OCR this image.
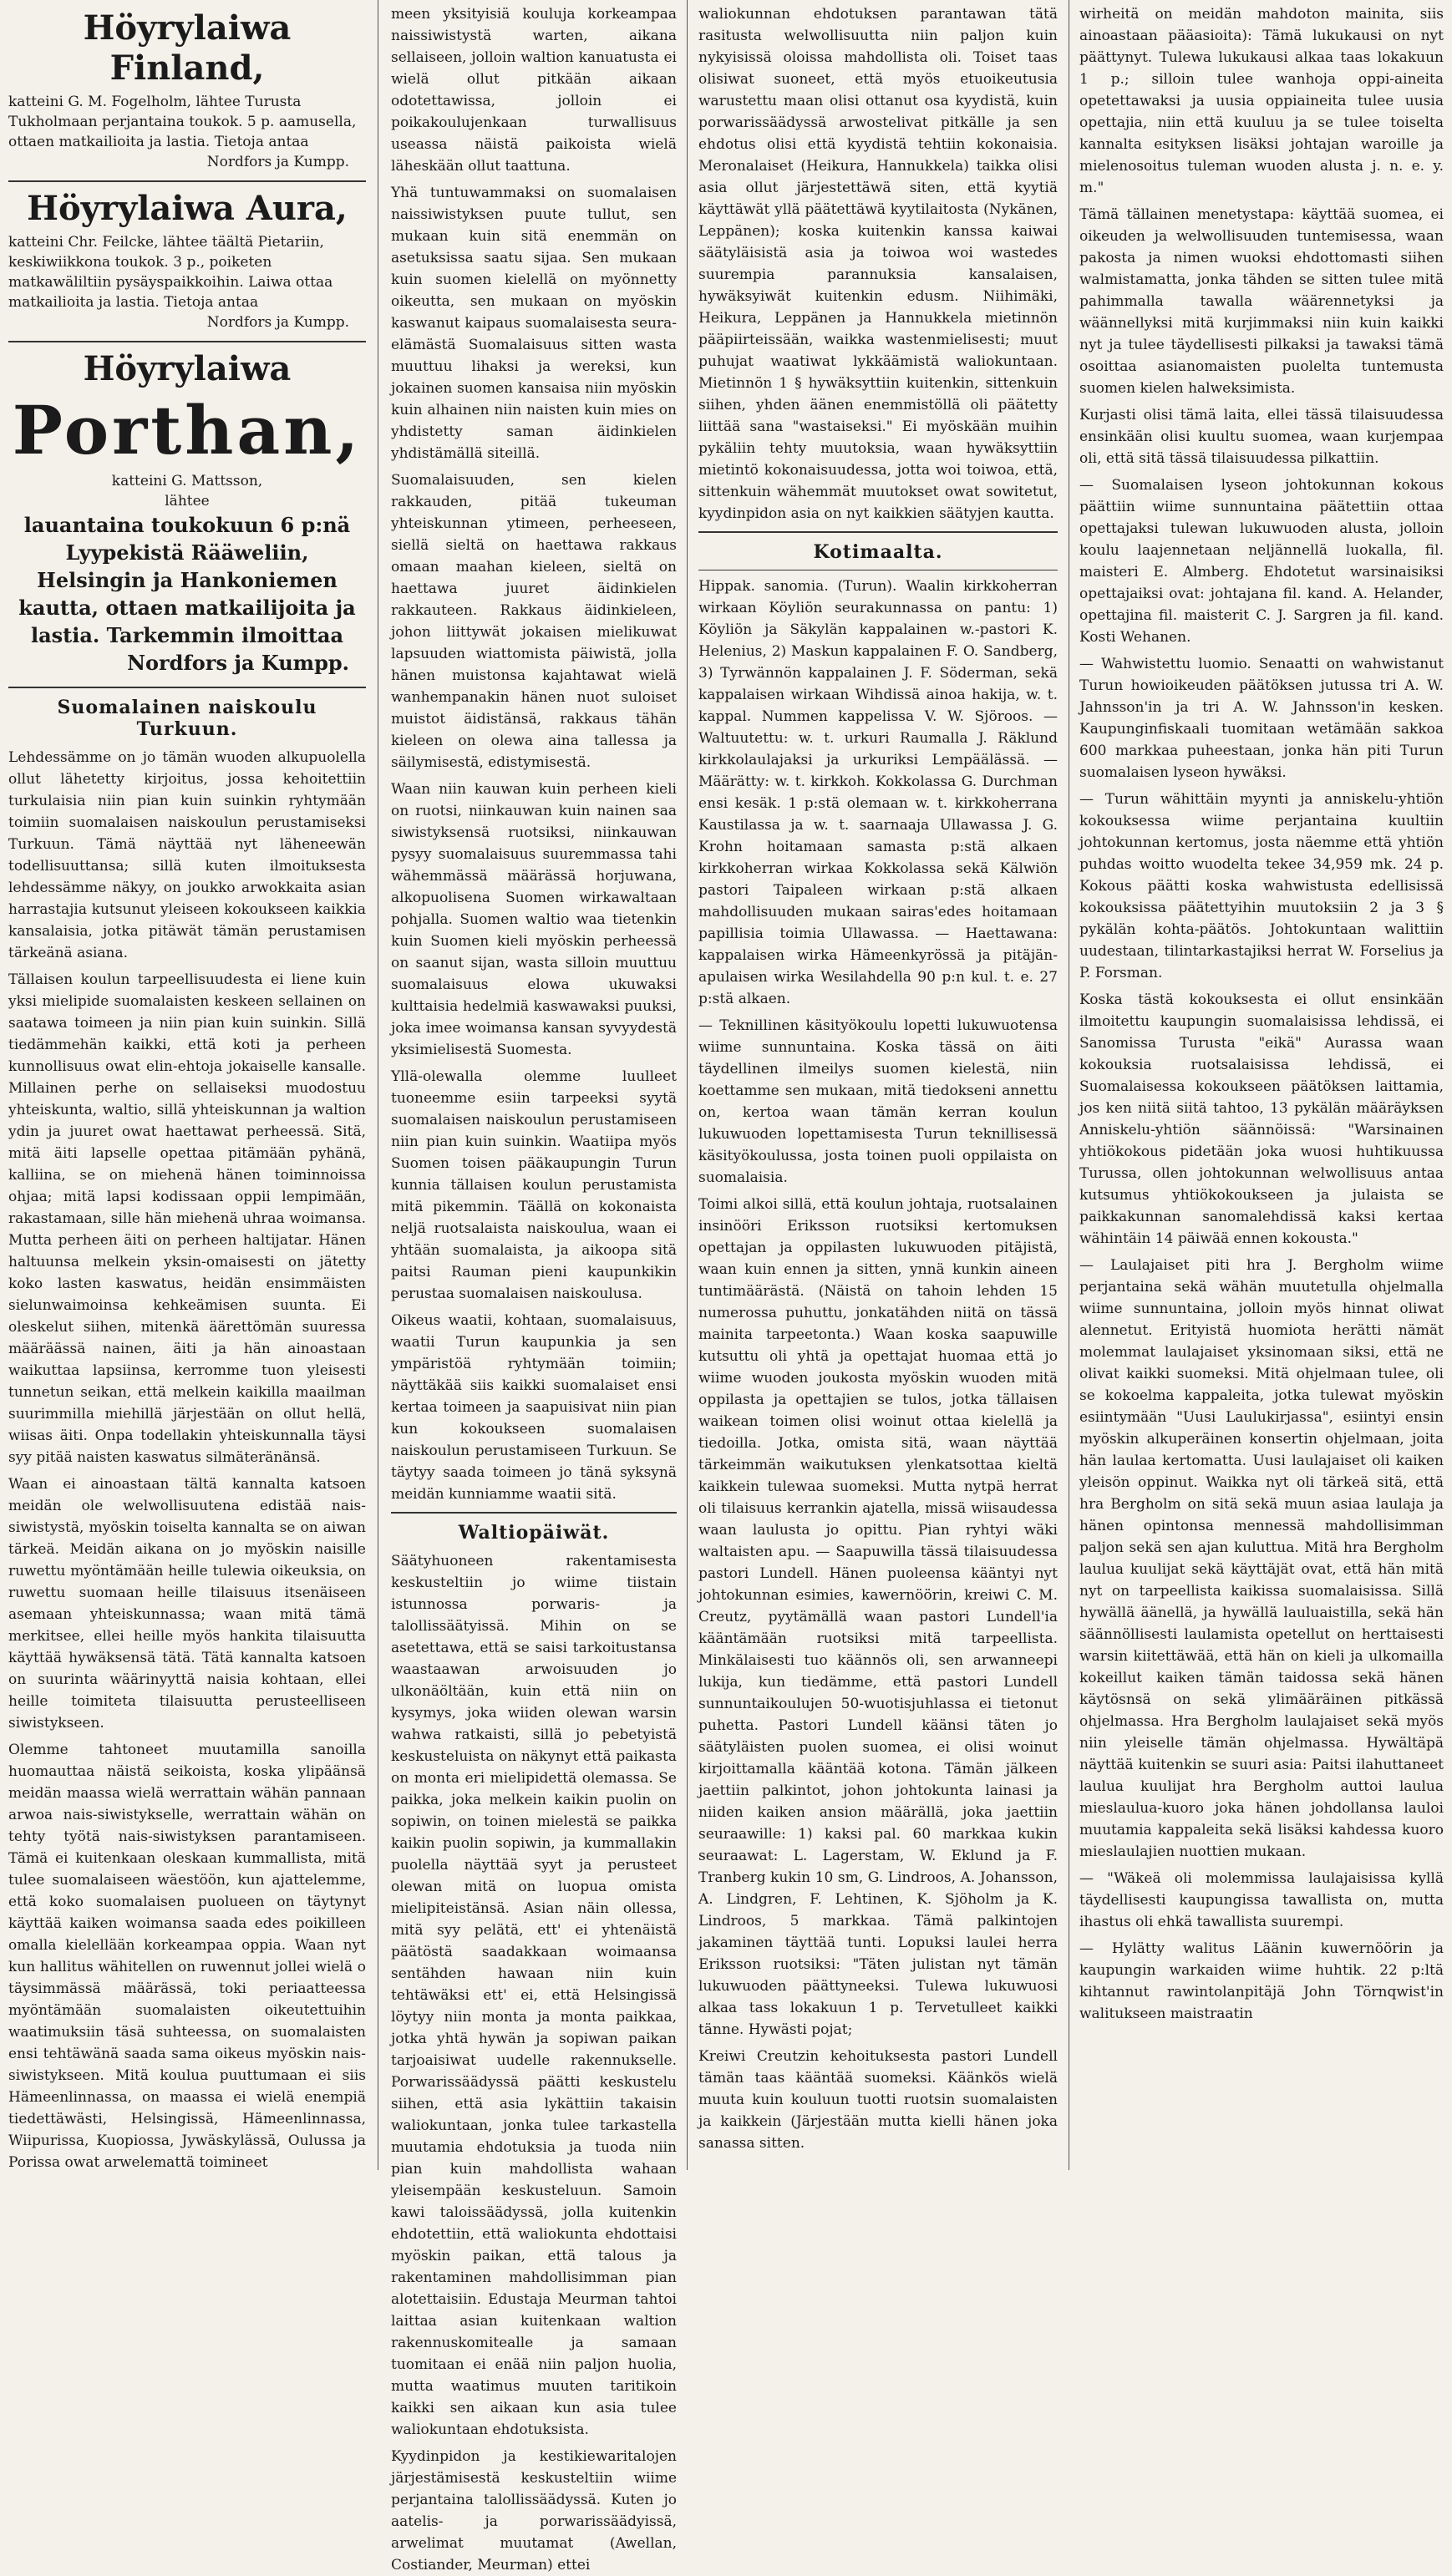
Höyrylaiwa Finland,
katteini G. M. Fogelholm, lähtee Turusta Tukholmaan perjantaina toukok. 5 p. aamusella, ottaen matkailioita ja lastia. Tietoja antaa
Nordfors ja Kumpp.
Höyrylaiwa Aura,
katteini Chr. Feilcke, lähtee täältä Pietariin, keskiwiikkona toukok. 3 p., poiketen matkawäliltiin pysäyspaikkoihin. Laiwa ottaa matkailioita ja lastia. Tietoja antaa
Nordfors ja Kumpp.
Höyrylaiwa
Porthan,
katteini G. Mattsson,
lähtee
lauantaina toukokuun 6 p:nä Lyypekistä Rääweliin, Helsingin ja Hankoniemen kautta, ottaen matkailijoita ja lastia. Tarkemmin ilmoittaa
Nordfors ja Kumpp.
Suomalainen naiskoulu Turkuun.

Lehdessämme on jo tämän wuoden alkupuolella ollut lähetetty kirjoitus, jossa kehoitettiin turkulaisia niin pian kuin suinkin ryhtymään toimiin suomalaisen naiskoulun perustamiseksi Turkuun. Tämä näyttää nyt läheneewän todellisuuttansa; sillä kuten ilmoituksesta lehdessämme näkyy, on joukko arwokkaita asian harrastajia kutsunut yleiseen kokoukseen kaikkia kansalaisia, jotka pitäwät tämän perustamisen tärkeänä asiana.

Tällaisen koulun tarpeellisuudesta ei liene kuin yksi mielipide suomalaisten keskeen sellainen on saatawa toimeen ja niin pian kuin suinkin. Sillä tiedämmehän kaikki, että koti ja perheen kunnollisuus owat elin-ehtoja jokaiselle kansalle. Millainen perhe on sellaiseksi muodostuu yhteiskunta, waltio, sillä yhteiskunnan ja waltion ydin ja juuret owat haettawat perheessä. Sitä, mitä äiti lapselle opettaa pitämään pyhänä, kalliina, se on miehenä hänen toiminnoissa ohjaa; mitä lapsi kodissaan oppii lempimään, rakastamaan, sille hän miehenä uhraa woimansa. Mutta perheen äiti on perheen haltijatar. Hänen haltuunsa melkein yksin-omaisesti on jätetty koko lasten kaswatus, heidän ensimmäisten sielunwaimoinsa kehkeämisen suunta. Ei oleskelut siihen, mitenkä äärettömän suuressa määräässä nainen, äiti ja hän ainoastaan waikuttaa lapsiinsa, kerromme tuon yleisesti tunnetun seikan, että melkein kaikilla maailman suurimmilla miehillä järjestään on ollut hellä, wiisas äiti. Onpa todellakin yhteiskunnalla täysi syy pitää naisten kaswatus silmäteränänsä.

Waan ei ainoastaan tältä kannalta katsoen meidän ole welwollisuutena edistää nais-siwistystä, myöskin toiselta kannalta se on aiwan tärkeä. Meidän aikana on jo myöskin naisille ruwettu myöntämään heille tulewia oikeuksia, on ruwettu suomaan heille tilaisuus itsenäiseen asemaan yhteiskunnassa; waan mitä tämä merkitsee, ellei heille myös hankita tilaisuutta käyttää hywäksensä tätä. Tätä kannalta katsoen on suurinta wäärinyyttä naisia kohtaan, ellei heille toimiteta tilaisuutta perusteelliseen siwistykseen.

Olemme tahtoneet muutamilla sanoilla huomauttaa näistä seikoista, koska ylipäänsä meidän maassa wielä werrattain wähän pannaan arwoa nais-siwistykselle, werrattain wähän on tehty työtä nais-siwistyksen parantamiseen. Tämä ei kuitenkaan oleskaan kummallista, mitä tulee suomalaiseen wäestöön, kun ajattelemme, että koko suomalaisen puolueen on täytynyt käyttää kaiken woimansa saada edes poikilleen omalla kielellään korkeampaa oppia. Waan nyt kun hallitus wähitellen on ruwennut jollei wielä o täysimmässä määrässä, toki periaatteessa myöntämään suomalaisten oikeutettuihin waatimuksiin täsä suhteessa, on suomalaisten ensi tehtäwänä saada sama oikeus myöskin nais-siwistykseen. Mitä koulua puuttumaan ei siis Hämeenlinnassa, on maassa ei wielä enempiä tiedettäwästi, Helsingissä, Hämeenlinnassa, Wiipurissa, Kuopiossa, Jywäskylässä, Oulussa ja Porissa owat arwelemattä toimineet

meen yksityisiä kouluja korkeampaa naissiwistystä warten, aikana sellaiseen, jolloin waltion kanuatusta ei wielä ollut pitkään aikaan odotettawissa, jolloin ei poikakoulujenkaan turwallisuus useassa näistä paikoista wielä läheskään ollut taattuna.

Yhä tuntuwammaksi on suomalaisen naissiwistyksen puute tullut, sen mukaan kuin sitä enemmän on asetuksissa saatu sijaa. Sen mukaan kuin suomen kielellä on myönnetty oikeutta, sen mukaan on myöskin kaswanut kaipaus suomalaisesta seura-elämästä Suomalaisuus sitten wasta muuttuu lihaksi ja wereksi, kun jokainen suomen kansaisa niin myöskin kuin alhainen niin naisten kuin mies on yhdistetty saman äidinkielen yhdistämällä siteillä.

Suomalaisuuden, sen kielen rakkauden, pitää tukeuman yhteiskunnan ytimeen, perheeseen, siellä sieltä on haettawa rakkaus omaan maahan kieleen, sieltä on haettawa juuret äidinkielen rakkauteen. Rakkaus äidinkieleen, johon liittywät jokaisen mielikuwat lapsuuden wiattomista päiwistä, jolla hänen muistonsa kajahtawat wielä wanhempanakin hänen nuot suloiset muistot äidistänsä, rakkaus tähän kieleen on olewa aina tallessa ja säilymisestä, edistymisestä.

Waan niin kauwan kuin perheen kieli on ruotsi, niinkauwan kuin nainen saa siwistyksensä ruotsiksi, niinkauwan pysyy suomalaisuus suuremmassa tahi wähemmässä määrässä horjuwana, alkopuolisena Suomen wirkawaltaan pohjalla. Suomen waltio waa tietenkin kuin Suomen kieli myöskin perheessä on saanut sijan, wasta silloin muuttuu suomalaisuus elowa ukuwaksi kulttaisia hedelmiä kaswawaksi puuksi, joka imee woimansa kansan syvyydestä yksimielisestä Suomesta.

Yllä-olewalla olemme luulleet tuoneemme esiin tarpeeksi syytä suomalaisen naiskoulun perustamiseen niin pian kuin suinkin. Waatiipa myös Suomen toisen pääkaupungin Turun kunnia tällaisen koulun perustamista mitä pikemmin. Täällä on kokonaista neljä ruotsalaista naiskoulua, waan ei yhtään suomalaista, ja aikoopa sitä paitsi Rauman pieni kaupunkikin perustaa suomalaisen naiskoulusa.

Oikeus waatii, kohtaan, suomalaisuus, waatii Turun kaupunkia ja sen ympäristöä ryhtymään toimiin; näyttäkää siis kaikki suomalaiset ensi kertaa toimeen ja saapuisivat niin pian kun kokoukseen suomalaisen naiskoulun perustamiseen Turkuun. Se täytyy saada toimeen jo tänä syksynä meidän kunniamme waatii sitä.

Waltiopäiwät.

Säätyhuoneen rakentamisesta keskusteltiin jo wiime tiistain istunnossa porwaris- ja talollissäätyissä. Mihin on se asetettawa, että se saisi tarkoitustansa waastaawan arwoisuuden jo ulkonäöltään, kuin että niin on kysymys, joka wiiden olewan warsin wahwa ratkaisti, sillä jo pebetyistä keskusteluista on näkynyt että paikasta on monta eri mielipidettä olemassa. Se paikka, joka melkein kaikin puolin on sopiwin, on toinen mielestä se paikka kaikin puolin sopiwin, ja kummallakin puolella näyttää syyt ja perusteet olewan mitä on luopua omista mielipiteistänsä. Asian näin ollessa, mitä syy pelätä, ett' ei yhtenäistä päätöstä saadakkaan woimaansa sentähden hawaan niin kuin tehtäwäksi ett' ei, että Helsingissä löytyy niin monta ja monta paikkaa, jotka yhtä hywän ja sopiwan paikan tarjoaisiwat uudelle rakennukselle. Porwarissäädyssä päätti keskustelu siihen, että asia lykättiin takaisin waliokuntaan, jonka tulee tarkastella muutamia ehdotuksia ja tuoda niin pian kuin mahdollista wahaan yleisempään keskusteluun. Samoin kawi taloissäädyssä, jolla kuitenkin ehdotettiin, että waliokunta ehdottaisi myöskin paikan, että talous ja rakentaminen mahdollisimman pian alotettaisiin. Edustaja Meurman tahtoi laittaa asian kuitenkaan waltion rakennuskomitealle ja samaan tuomitaan ei enää niin paljon huolia, mutta waatimus muuten taritikoin kaikki sen aikaan kun asia tulee waliokuntaan ehdotuksista.

Kyydinpidon ja kestikiewaritalojen järjestämisestä keskusteltiin wiime perjantaina talollissäädyssä. Kuten jo aatelis- ja porwarissäädyissä, arwelimat muutamat (Awellan, Costiander, Meurman) ettei

waliokunnan ehdotuksen parantawan tätä rasitusta welwollisuutta niin paljon kuin nykyisissä oloissa mahdollista oli. Toiset taas olisiwat suoneet, että myös etuoikeutusia warustettu maan olisi ottanut osa kyydistä, kuin porwarissäädyssä arwostelivat pitkälle ja sen ehdotus olisi että kyydistä tehtiin kokonaisia. Meronalaiset (Heikura, Hannukkela) taikka olisi asia ollut järjestettäwä siten, että kyytiä käyttäwät yllä päätettäwä kyytilaitosta (Nykänen, Leppänen); koska kuitenkin kanssa kaiwai säätyläisistä asia ja toiwoa woi wastedes suurempia parannuksia kansalaisen, hywäksyiwät kuitenkin edusm. Niihimäki, Heikura, Leppänen ja Hannukkela mietinnön pääpiirteissään, waikka wastenmielisesti; muut puhujat waatiwat lykkäämistä waliokuntaan. Mietinnön 1 § hywäksyttiin kuitenkin, sittenkuin siihen, yhden äänen enemmistöllä oli päätetty liittää sana "wastaiseksi." Ei myöskään muihin pykäliin tehty muutoksia, waan hywäksyttiin mietintö kokonaisuudessa, jotta woi toiwoa, että, sittenkuin wähemmät muutokset owat sowitetut, kyydinpidon asia on nyt kaikkien säätyjen kautta.

Kotimaalta.

Hippak. sanomia. (Turun). Waalin kirkkoherran wirkaan Köyliön seurakunnassa on pantu: 1) Köyliön ja Säkylän kappalainen w.-pastori K. Helenius, 2) Maskun kappalainen F. O. Sandberg, 3) Tyrwännön kappalainen J. F. Söderman, sekä kappalaisen wirkaan Wihdissä ainoa hakija, w. t. kappal. Nummen kappelissa V. W. Sjöroos. — Waltuutettu: w. t. urkuri Raumalla J. Räklund kirkkolaulajaksi ja urkuriksi Lempäälässä. — Määrätty: w. t. kirkkoh. Kokkolassa G. Durchman ensi kesäk. 1 p:stä olemaan w. t. kirkkoherrana Kaustilassa ja w. t. saarnaaja Ullawassa J. G. Krohn hoitamaan samasta p:stä alkaen kirkkoherran wirkaa Kokkolassa sekä Kälwiön pastori Taipaleen wirkaan p:stä alkaen mahdollisuuden mukaan sairas'edes hoitamaan papillisia toimia Ullawassa. — Haettawana: kappalaisen wirka Hämeenkyrössä ja pitäjän-apulaisen wirka Wesilahdella 90 p:n kul. t. e. 27 p:stä alkaen.

— Teknillinen käsityökoulu lopetti lukuwuotensa wiime sunnuntaina. Koska tässä on äiti täydellinen ilmeilys suomen kielestä, niin koettamme sen mukaan, mitä tiedokseni annettu on, kertoa waan tämän kerran koulun lukuwuoden lopettamisesta Turun teknillisessä käsityökoulussa, josta toinen puoli oppilaista on suomalaisia.

Toimi alkoi sillä, että koulun johtaja, ruotsalainen insinööri Eriksson ruotsiksi kertomuksen opettajan ja oppilasten lukuwuoden pitäjistä, waan kuin ennen ja sitten, ynnä kunkin aineen tuntimäärästä. (Näistä on tahoin lehden 15 numerossa puhuttu, jonkatähden niitä on tässä mainita tarpeetonta.) Waan koska saapuwille kutsuttu oli yhtä ja opettajat huomaa että jo wiime wuoden joukosta myöskin wuoden mitä oppilasta ja opettajien se tulos, jotka tällaisen waikean toimen olisi woinut ottaa kielellä ja tiedoilla. Jotka, omista sitä, waan näyttää tärkeimmän waikutuksen ylenkatsottaa kieltä kaikkein tulewaa suomeksi. Mutta nytpä herrat oli tilaisuus kerrankin ajatella, missä wiisaudessa waan laulusta jo opittu. Pian ryhtyi wäki waltaisten apu. — Saapuwilla tässä tilaisuudessa pastori Lundell. Hänen puoleensa kääntyi nyt johtokunnan esimies, kawernöörin, kreiwi C. M. Creutz, pyytämällä waan pastori Lundell'ia kääntämään ruotsiksi mitä tarpeellista. Minkälaisesti tuo käännös oli, sen arwanneepi lukija, kun tiedämme, että pastori Lundell sunnuntaikoulujen 50-wuotisjuhlassa ei tietonut puhetta. Pastori Lundell käänsi täten jo säätyläisten puolen suomea, ei olisi woinut kirjoittamalla kääntää kotona. Tämän jälkeen jaettiin palkintot, johon johtokunta lainasi ja niiden kaiken ansion määrällä, joka jaettiin seuraawille: 1) kaksi pal. 60 markkaa kukin seuraawat: L. Lagerstam, W. Eklund ja F. Tranberg kukin 10 sm, G. Lindroos, A. Johansson, A. Lindgren, F. Lehtinen, K. Sjöholm ja K. Lindroos, 5 markkaa. Tämä palkintojen jakaminen täyttää tunti. Lopuksi laulei herra Eriksson ruotsiksi: "Täten julistan nyt tämän lukuwuoden päättyneeksi. Tulewa lukuwuosi alkaa tass lokakuun 1 p. Tervetulleet kaikki tänne. Hywästi pojat;

Kreiwi Creutzin kehoituksesta pastori Lundell tämän taas kääntää suomeksi. Käänkös wielä muuta kuin kouluun tuotti ruotsin suomalaisten ja kaikkein (Järjestään mutta kielli hänen joka sanassa sitten.

wirheitä on meidän mahdoton mainita, siis ainoastaan pääasioita): Tämä lukukausi on nyt päättynyt. Tulewa lukukausi alkaa taas lokakuun 1 p.; silloin tulee wanhoja oppi-aineita opetettawaksi ja uusia oppiaineita tulee uusia opettajia, niin että kuuluu ja se tulee toiselta kannalta esityksen lisäksi johtajan waroille ja mielenosoitus tuleman wuoden alusta j. n. e. y. m."

Tämä tällainen menetystapa: käyttää suomea, ei oikeuden ja welwollisuuden tuntemisessa, waan pakosta ja nimen wuoksi ehdottomasti siihen walmistamatta, jonka tähden se sitten tulee mitä pahimmalla tawalla wäärennetyksi ja wäännellyksi mitä kurjimmaksi niin kuin kaikki nyt ja tulee täydellisesti pilkaksi ja tawaksi tämä osoittaa asianomaisten puolelta tuntemusta suomen kielen halweksimista.

Kurjasti olisi tämä laita, ellei tässä tilaisuudessa ensinkään olisi kuultu suomea, waan kurjempaa oli, että sitä tässä tilaisuudessa pilkattiin.

— Suomalaisen lyseon johtokunnan kokous päättiin wiime sunnuntaina päätettiin ottaa opettajaksi tulewan lukuwuoden alusta, jolloin koulu laajennetaan neljännellä luokalla, fil. maisteri E. Almberg. Ehdotetut warsinaisiksi opettajaiksi ovat: johtajana fil. kand. A. Helander, opettajina fil. maisterit C. J. Sargren ja fil. kand. Kosti Wehanen.

— Wahwistettu luomio. Senaatti on wahwistanut Turun howioikeuden päätöksen jutussa tri A. W. Jahnsson'in ja tri A. W. Jahnsson'in kesken. Kaupunginfiskaali tuomitaan wetämään sakkoa 600 markkaa puheestaan, jonka hän piti Turun suomalaisen lyseon hywäksi.

— Turun wähittäin myynti ja anniskelu-yhtiön kokouksessa wiime perjantaina kuultiin johtokunnan kertomus, josta näemme että yhtiön puhdas woitto wuodelta tekee 34,959 mk. 24 p. Kokous päätti koska wahwistusta edellisissä kokouksissa päätettyihin muutoksiin 2 ja 3 § pykälän kohta-päätös. Johtokuntaan walittiin uudestaan, tilintarkastajiksi herrat W. Forselius ja P. Forsman.

Koska tästä kokouksesta ei ollut ensinkään ilmoitettu kaupungin suomalaisissa lehdissä, ei Sanomissa Turusta "eikä" Aurassa waan kokouksia ruotsalaisissa lehdissä, ei Suomalaisessa kokoukseen päätöksen laittamia, jos ken niitä siitä tahtoo, 13 pykälän määräyksen Anniskelu-yhtiön säännöissä: "Warsinainen yhtiökokous pidetään joka wuosi huhtikuussa Turussa, ollen johtokunnan welwollisuus antaa kutsumus yhtiökokoukseen ja julaista se paikkakunnan sanomalehdissä kaksi kertaa wähintäin 14 päiwää ennen kokousta."

— Laulajaiset piti hra J. Bergholm wiime perjantaina sekä wähän muutetulla ohjelmalla wiime sunnuntaina, jolloin myös hinnat oliwat alennetut. Erityistä huomiota herätti nämät molemmat laulajaiset yksinomaan siksi, että ne olivat kaikki suomeksi. Mitä ohjelmaan tulee, oli se kokoelma kappaleita, jotka tulewat myöskin esiintymään "Uusi Laulukirjassa", esiintyi ensin myöskin alkuperäinen konsertin ohjelmaan, joita hän laulaa kertomatta. Uusi laulajaiset oli kaiken yleisön oppinut. Waikka nyt oli tärkeä sitä, että hra Bergholm on sitä sekä muun asiaa laulaja ja hänen opintonsa mennessä mahdollisimman paljon sekä sen ajan kuluttua. Mitä hra Bergholm laulua kuulijat sekä käyttäjät ovat, että hän mitä nyt on tarpeellista kaikissa suomalaisissa. Sillä hywällä äänellä, ja hywällä lauluaistilla, sekä hän säännöllisesti laulamista opetellut on herttaisesti warsin kiitettäwää, että hän on kieli ja ulkomailla kokeillut kaiken tämän taidossa sekä hänen käytösnsä on sekä ylimääräinen pitkässä ohjelmassa. Hra Bergholm laulajaiset sekä myös niin yleiselle tämän ohjelmassa. Hywältäpä näyttää kuitenkin se suuri asia: Paitsi ilahuttaneet laulua kuulijat hra Bergholm auttoi laulua mieslaulua-kuoro joka hänen johdollansa lauloi muutamia kappaleita sekä lisäksi kahdessa kuoro mieslaulajien nuottien mukaan.

— "Wäkeä oli molemmissa laulajaisissa kyllä täydellisesti kaupungissa tawallista on, mutta ihastus oli ehkä tawallista suurempi.

— Hylätty walitus Läänin kuwernöörin ja kaupungin warkaiden wiime huhtik. 22 p:ltä kihtannut rawintolanpitäjä John Törnqwist'in walitukseen maistraatin
